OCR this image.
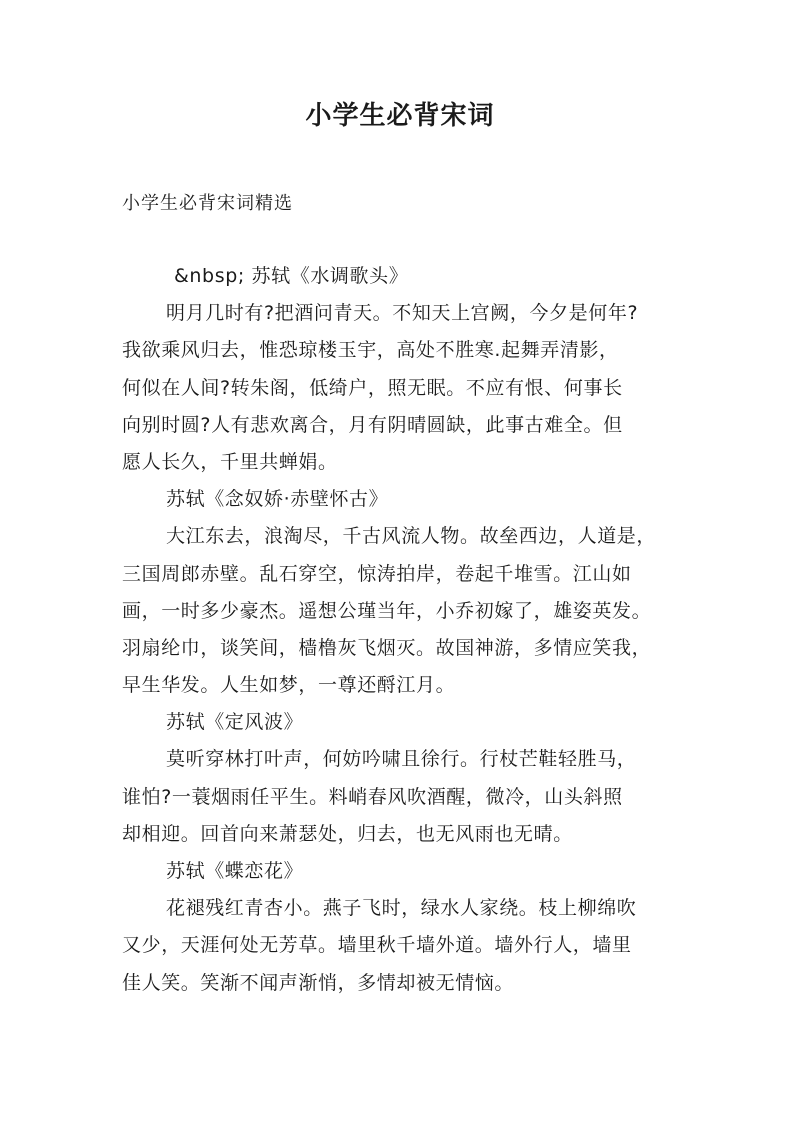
小学生必背宋词
小学生必背宋词精选
&nbsp; 苏轼《水调歌头》
明月几时有?把酒问青天。不知天上宫阙，今夕是何年?
我欲乘风归去，惟恐琼楼玉宇，高处不胜寒.起舞弄清影，
何似在人间?转朱阁，低绮户，照无眠。不应有恨、何事长
向别时圆?人有悲欢离合，月有阴晴圆缺，此事古难全。但
愿人长久，千里共蝉娟。
苏轼《念奴娇·赤壁怀古》
大江东去，浪淘尽，千古风流人物。故垒西边，人道是，
三国周郎赤壁。乱石穿空，惊涛拍岸，卷起千堆雪。江山如
画，一时多少豪杰。遥想公瑾当年，小乔初嫁了，雄姿英发。
羽扇纶巾，谈笑间，樯橹灰飞烟灭。故国神游，多情应笑我，
早生华发。人生如梦，一尊还酹江月。
苏轼《定风波》
莫听穿林打叶声，何妨吟啸且徐行。行杖芒鞋轻胜马，
谁怕?一蓑烟雨任平生。料峭春风吹酒醒，微冷，山头斜照
却相迎。回首向来萧瑟处，归去，也无风雨也无晴。
苏轼《蝶恋花》
花褪残红青杏小。燕子飞时，绿水人家绕。枝上柳绵吹
又少，天涯何处无芳草。墙里秋千墙外道。墙外行人，墙里
佳人笑。笑渐不闻声渐悄，多情却被无情恼。
